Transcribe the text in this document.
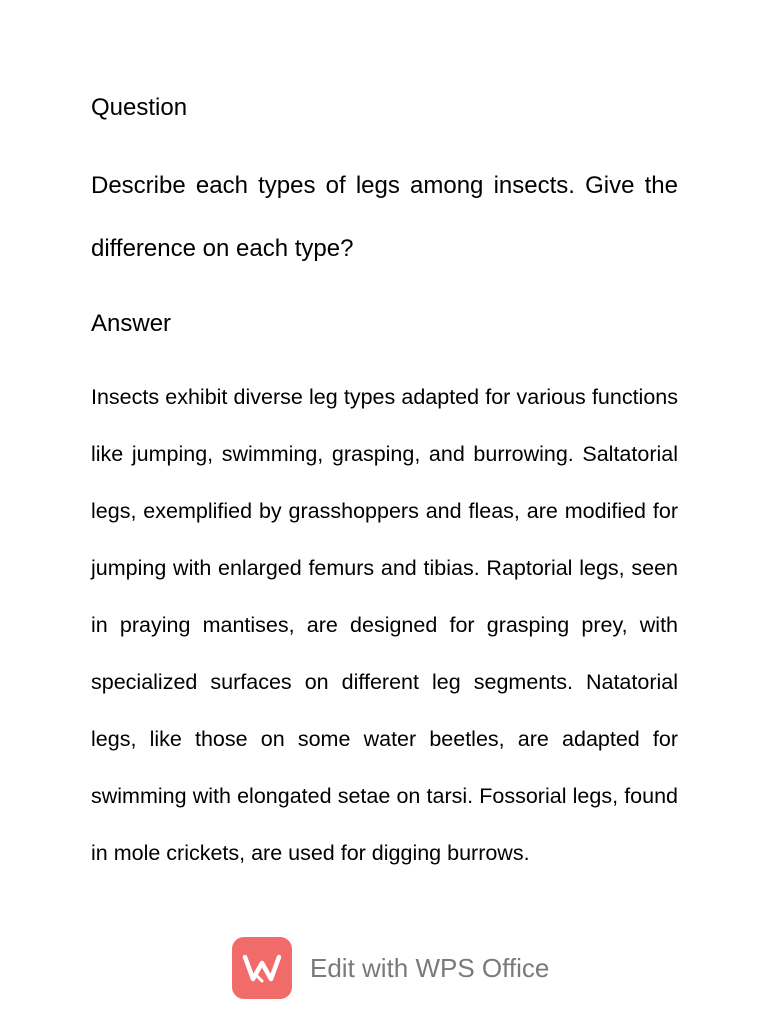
Question

Describe each types of legs among insects. Give the difference on each type?

Answer

Insects exhibit diverse leg types adapted for various functions like jumping, swimming, grasping, and burrowing. Saltatorial legs, exemplified by grasshoppers and fleas, are modified for jumping with enlarged femurs and tibias. Raptorial legs, seen in praying mantises, are designed for grasping prey, with specialized surfaces on different leg segments. Natatorial legs, like those on some water beetles, are adapted for swimming with elongated setae on tarsi. Fossorial legs, found in mole crickets, are used for digging burrows.

Edit with WPS Office
